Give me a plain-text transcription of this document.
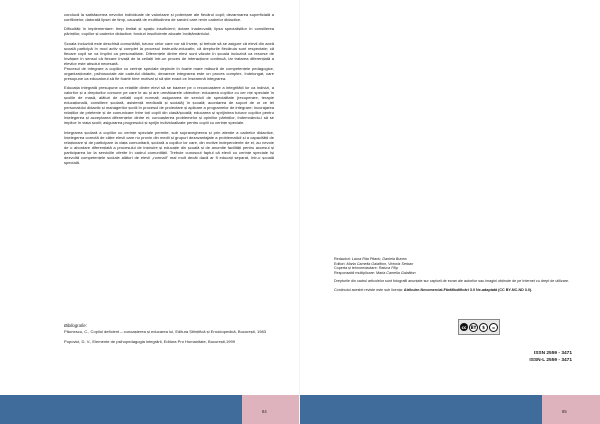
conducă la satisfacerea nevoilor individuale de valorizare și potențare ale fiecărui copil; dezarmarea superficială a conflictelor, datorată lipsei de timp, cauzată de multitudinea de sarcini care revin cadrelor didactice.

Dificultăți în implementare: timp limitat și spațiu insuficient; dotare inadecvată; lipsa specialiștilor în consilierea părinților, copiilor și cadrelor didactice; fonduri insuficiente alocate învățământului.

Școala incluzivă este deschisă comunității, tuturor celor care vor să învețe, și trebuie să se asigure că elevii din aceă școală participă în mod activ și complet la procesul instructiv-educativ; că drepturile fiecăruia sunt respectate; că fiecare copil se va împlini ca personalitate. Diferențele dintre elevi sunt văzute în școala incluzivă ca resurse de învățare în sensul că fiecare învață de la ceilalți într-un proces de interacțiune continuă, iar tratarea diferențiată a elevilor este absolut necesară.
Procesul de integrare a copiilor cu cerințe speciale depinde în foarte mare măsură de competențele pedagogice, organizaționale, psihosociale ale cadrului didactic, deoarece integrarea este un proces complex, îndelungat, care presupune ca educatorul să fie foarte bine motivat și să știe exact ce înseamnă integrarea.

Educația integrată presupune ca relațiile dintre elevi să se bazeze pe o recunoaștere a integrității lor ca indivizi, a valorilor și a drepturilor comune pe care le au și are următoarele obiective: educarea copiilor cu cer nțe speciale în școlile de masă, alături de ceilalți copii normali; asigurarea de servicii de specialitate (recuperare, terapie educațională, consiliere școlară, asistență medicală și socială) în școală; acordarea de suport de or ce tel personalului didactic și managerilor școlii în procesul de proiectare și aplicare a programelor de integrare; încurajarea relațiilor de prietenie și de comunicare între toți copiii din clasă/școală; educarea și sprijinirea tuturor copiilor pentru înțelegerea și acceptarea diferențelor dintre ei; cunoașterea problemelor și opiniilor părinților, îndemnându-i să se implice în viața școlii; asigurarea progresului și sprijin individualizate pentru copiii cu cerințe speciale.

Integrarea școlară a copiilor cu cerințe speciale permite, sub supravegherea și prin atenție a cadrelor didactice, înțelegerea corectă de către elevii care nu provin din medii și grupuri dezavantajate a problematicii și a capacității de relaționare și de participare la viața comunitară, școlară a copiilor lor care, din motive independente de ei, au nevoie de o abordare diferențiată a procesului de instruire și educație din școală și de anumite facilități pentru accesul și participarea lor la serviciile oferite în cadrul comunității. Trebuie cunoscut faptul că elevii cu cerințe speciale își dezvoltă competențele sociale alături de elevii „normali” mai mult decât dacă ar fi educați separat, într-o școală specială.

Bibliografie:

Păunescu, C., Copilul deficient – cunoașterea și educarea lui, Editura Științifică și Enciclopedică, București, 1983

Popovici, D. V., Elemente de psihopedagogia integrării, Editura Pro Humanitate, București,1999

84

Redactori: Laura Rita Pitariu, Daniela Bunea

Editori: Maria Camelia Galaftion, Victoria Serban

Coperta și tehnoredactare: Raluca Filip

Responsabil multiplicare: Maria Camelia Galaftion

Drepturile din cadrul articolelor sunt fotografii anunțate sur capturii de ecran ale autorilor sau imagini obținute de pe Internet cu drept de utilizare.

Conținutul acestei reviste este sub licența: Atribuire-Necomercial-FărăModificări 3.0 Ne-adaptată (CC BY-NC-ND 3.0).

cc	BY	$	=
ISSN 2559 - 3471
ISSN-L 2559 - 3471
85
